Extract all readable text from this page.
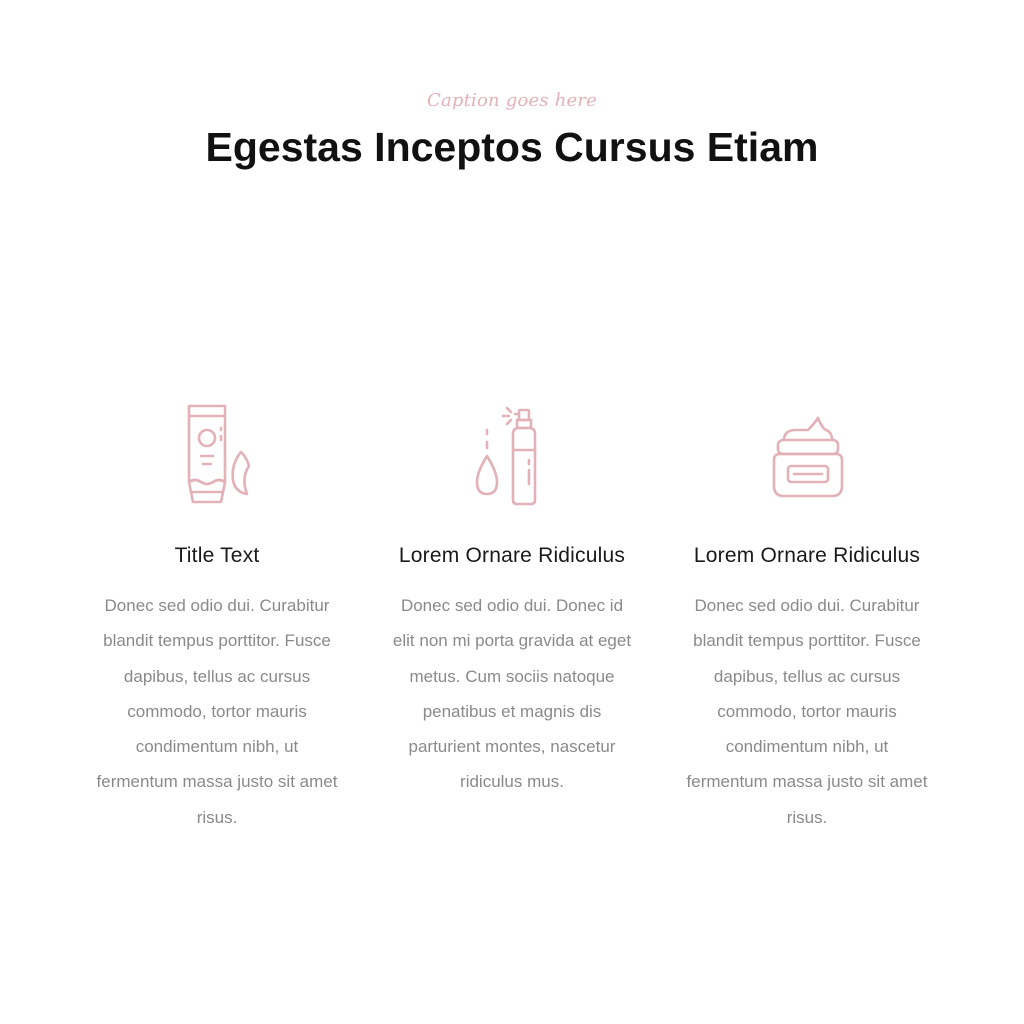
Caption goes here
Egestas Inceptos Cursus Etiam
Title Text
Donec sed odio dui. Curabitur blandit tempus porttitor. Fusce dapibus, tellus ac cursus commodo, tortor mauris condimentum nibh, ut fermentum massa justo sit amet risus.
Lorem Ornare Ridiculus
Donec sed odio dui. Donec id elit non mi porta gravida at eget metus. Cum sociis natoque penatibus et magnis dis parturient montes, nascetur ridiculus mus.
Lorem Ornare Ridiculus
Donec sed odio dui. Curabitur blandit tempus porttitor. Fusce dapibus, tellus ac cursus commodo, tortor mauris condimentum nibh, ut fermentum massa justo sit amet risus.
